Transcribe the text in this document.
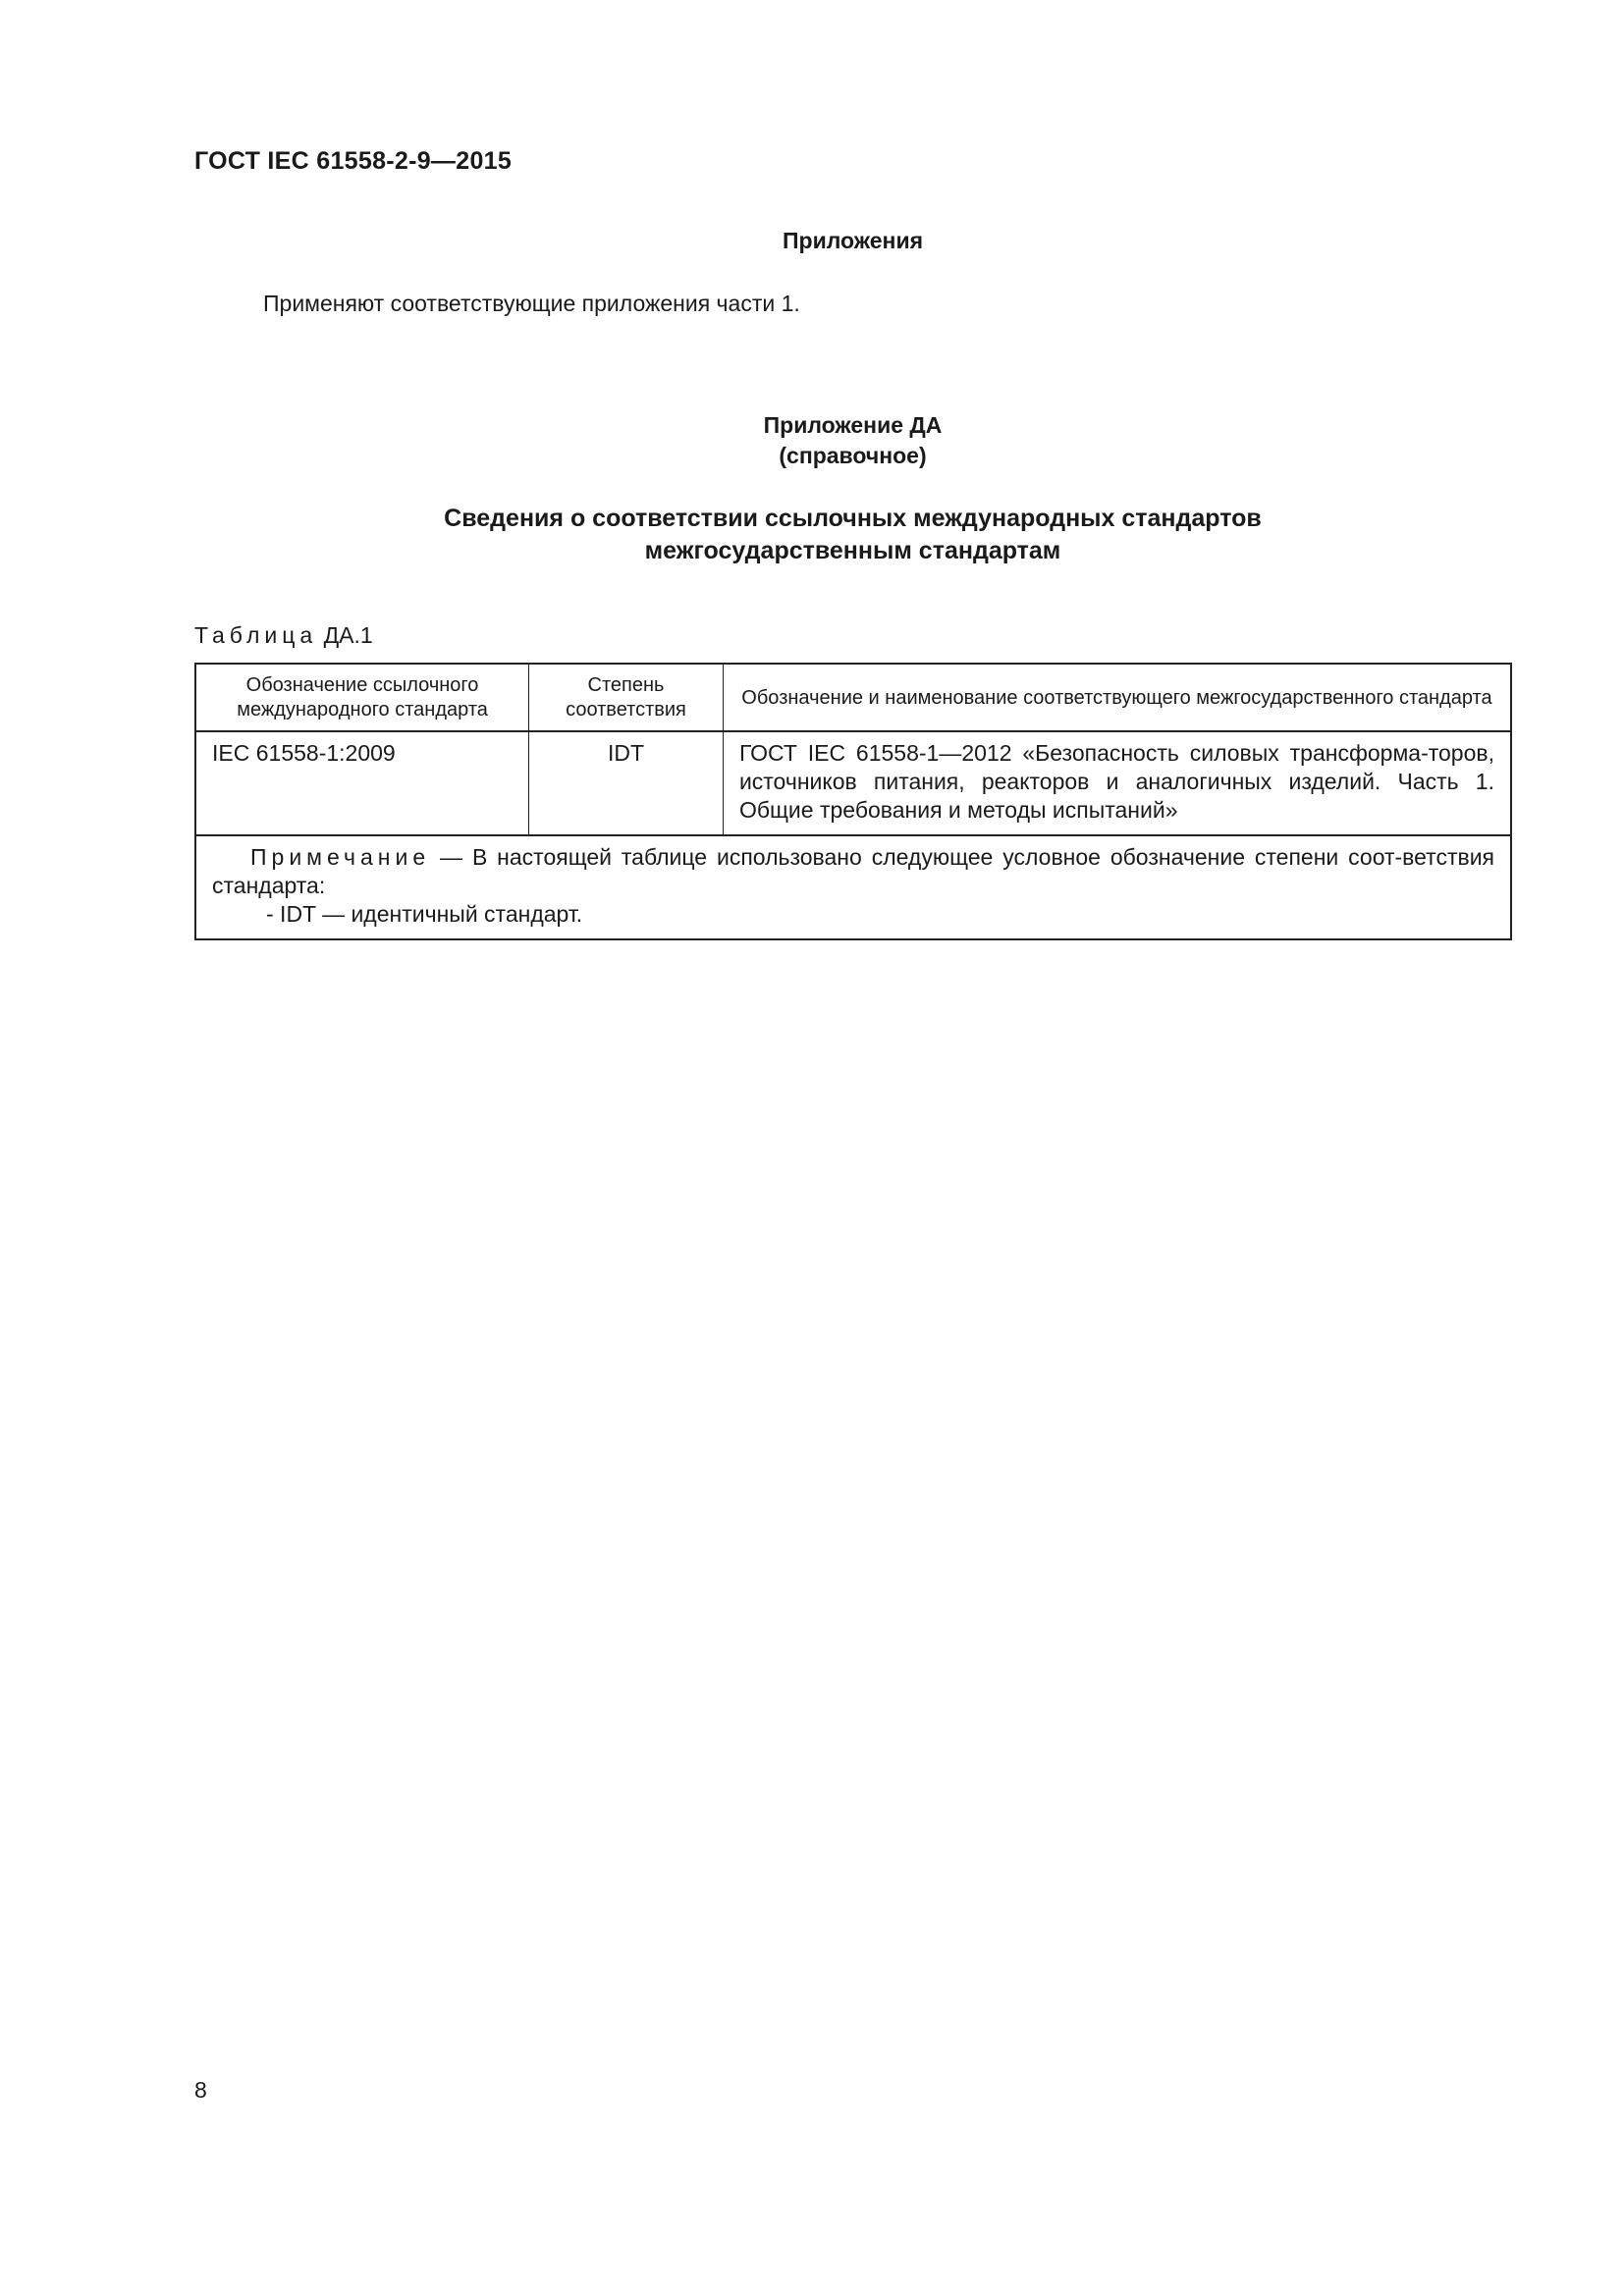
ГОСТ IEC 61558-2-9—2015
Приложения
Применяют соответствующие приложения части 1.
Приложение ДА
(справочное)
Сведения о соответствии ссылочных международных стандартов
межгосударственным стандартам
Таблица ДА.1
Обозначение ссылочного международного стандарта	Степень соответствия	Обозначение и наименование соответствующего межгосударственного стандарта
IEC 61558-1:2009	IDT	ГОСТ IEC 61558-1—2012 «Безопасность силовых трансформа-торов, источников питания, реакторов и аналогичных изделий. Часть 1. Общие требования и методы испытаний»

Примечание — В настоящей таблице использовано следующее условное обозначение степени соот-ветствия стандарта:
- IDT — идентичный стандарт.		
8
